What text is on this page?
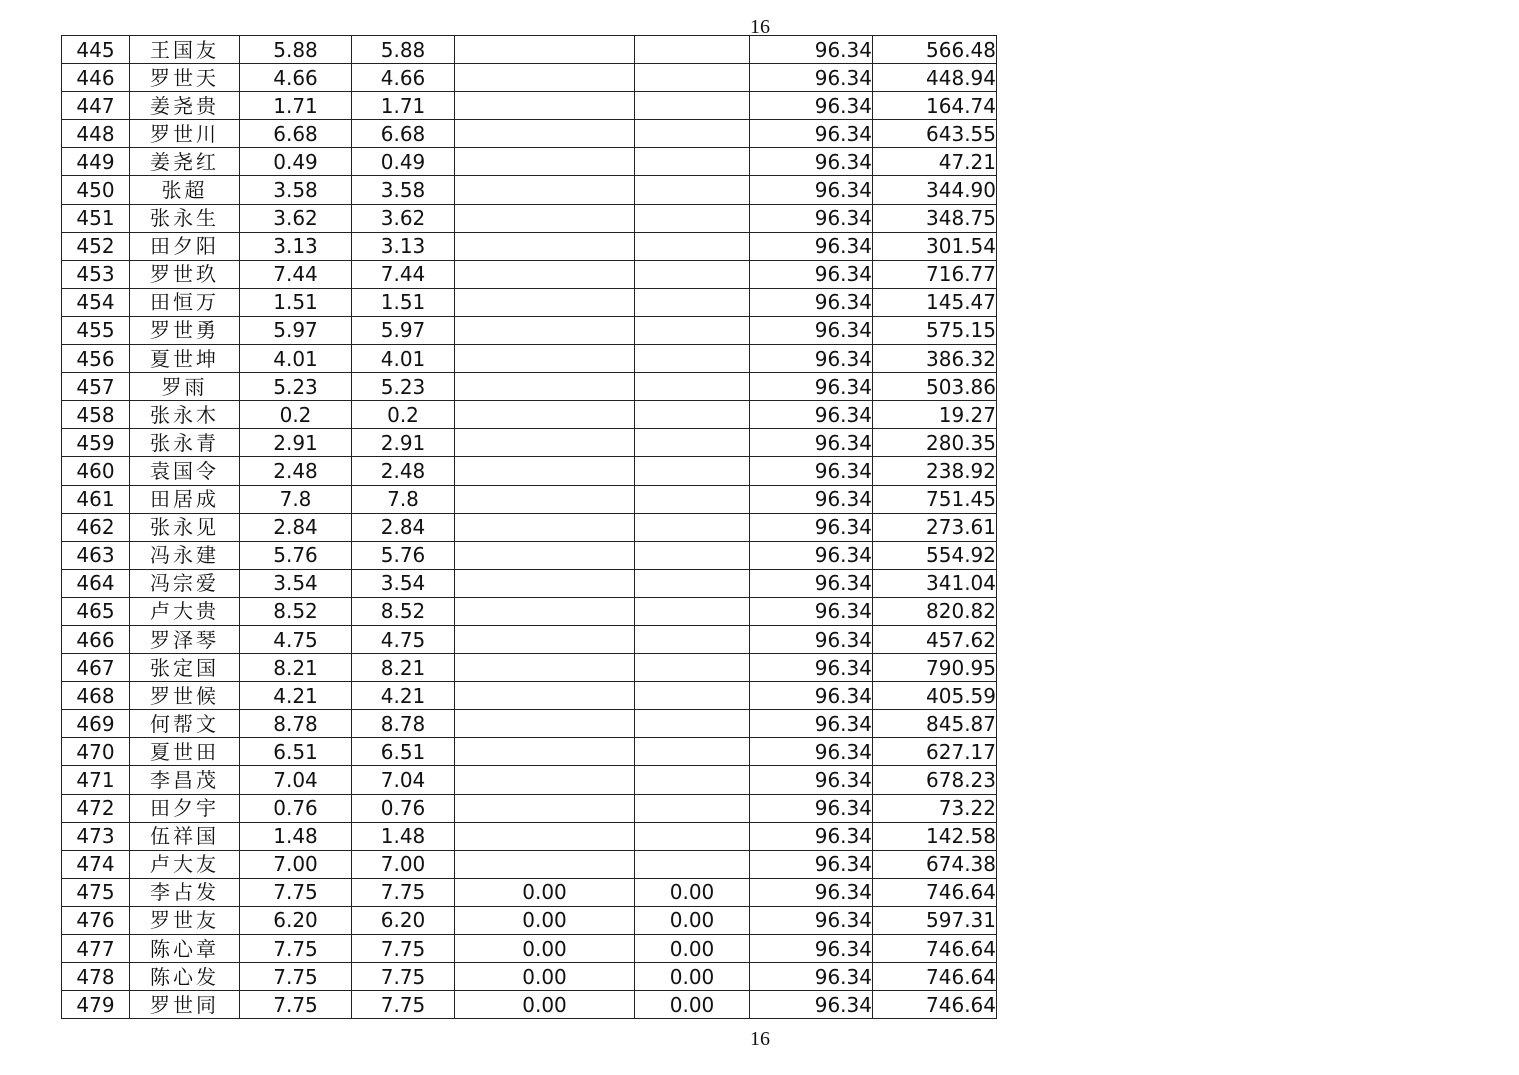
16
445	王国友	5.88	5.88			96.34	566.48
446	罗世天	4.66	4.66			96.34	448.94
447	姜尧贵	1.71	1.71			96.34	164.74
448	罗世川	6.68	6.68			96.34	643.55
449	姜尧红	0.49	0.49			96.34	47.21
450	张超	3.58	3.58			96.34	344.90
451	张永生	3.62	3.62			96.34	348.75
452	田夕阳	3.13	3.13			96.34	301.54
453	罗世玖	7.44	7.44			96.34	716.77
454	田恒万	1.51	1.51			96.34	145.47
455	罗世勇	5.97	5.97			96.34	575.15
456	夏世坤	4.01	4.01			96.34	386.32
457	罗雨	5.23	5.23			96.34	503.86
458	张永木	0.2	0.2			96.34	19.27
459	张永青	2.91	2.91			96.34	280.35
460	袁国令	2.48	2.48			96.34	238.92
461	田居成	7.8	7.8			96.34	751.45
462	张永见	2.84	2.84			96.34	273.61
463	冯永建	5.76	5.76			96.34	554.92
464	冯宗爱	3.54	3.54			96.34	341.04
465	卢大贵	8.52	8.52			96.34	820.82
466	罗泽琴	4.75	4.75			96.34	457.62
467	张定国	8.21	8.21			96.34	790.95
468	罗世候	4.21	4.21			96.34	405.59
469	何帮文	8.78	8.78			96.34	845.87
470	夏世田	6.51	6.51			96.34	627.17
471	李昌茂	7.04	7.04			96.34	678.23
472	田夕宇	0.76	0.76			96.34	73.22
473	伍祥国	1.48	1.48			96.34	142.58
474	卢大友	7.00	7.00			96.34	674.38
475	李占发	7.75	7.75	0.00	0.00	96.34	746.64
476	罗世友	6.20	6.20	0.00	0.00	96.34	597.31
477	陈心章	7.75	7.75	0.00	0.00	96.34	746.64
478	陈心发	7.75	7.75	0.00	0.00	96.34	746.64
479	罗世同	7.75	7.75	0.00	0.00	96.34	746.64
16
